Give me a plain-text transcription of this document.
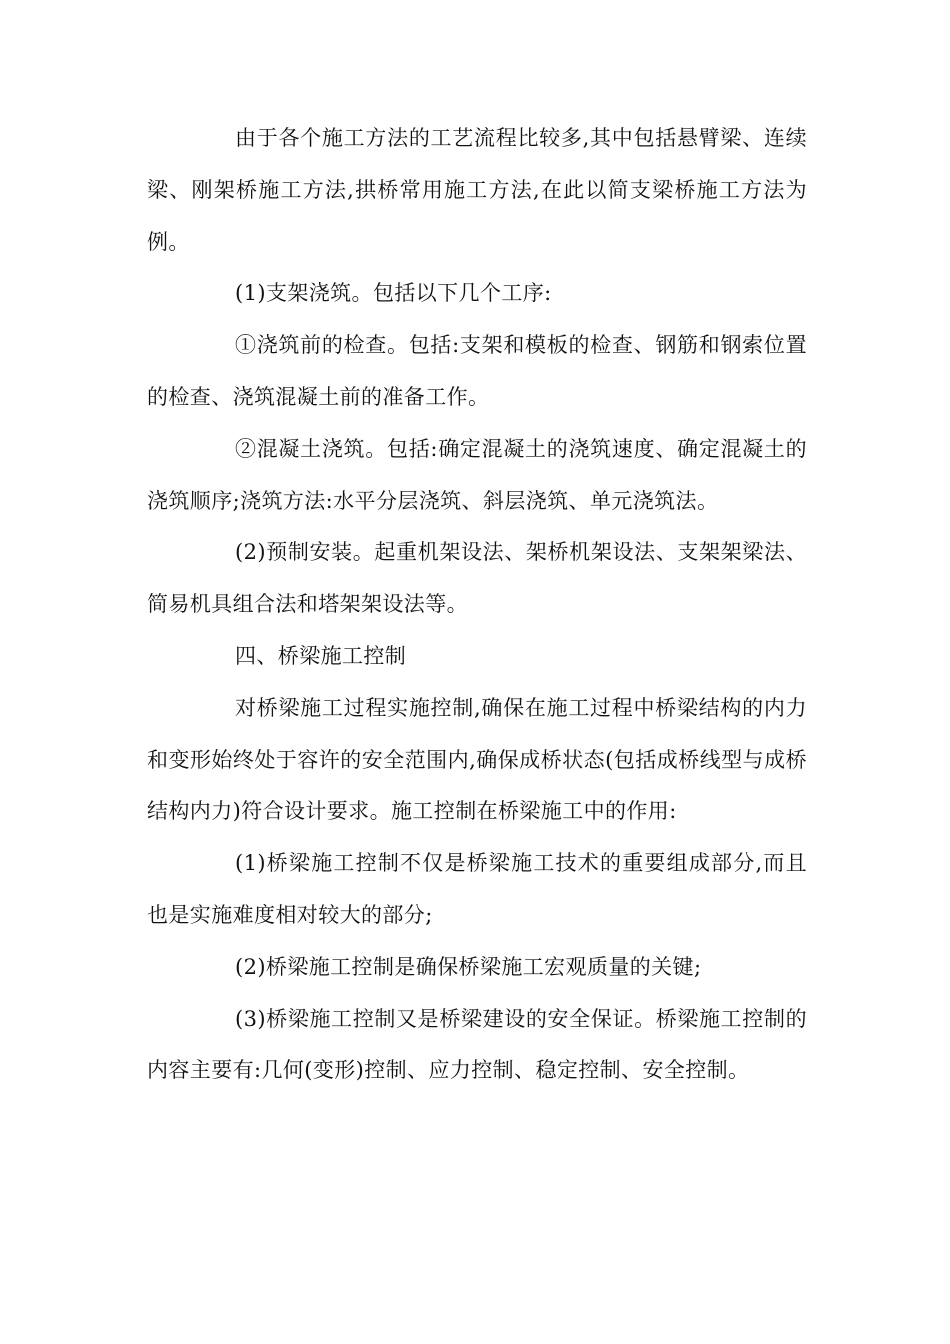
由于各个施工方法的工艺流程比较多,其中包括悬臂梁、连续梁、刚架桥施工方法,拱桥常用施工方法,在此以简支梁桥施工方法为例。

(1)支架浇筑。包括以下几个工序:

①浇筑前的检查。包括:支架和模板的检查、钢筋和钢索位置的检查、浇筑混凝土前的准备工作。

②混凝土浇筑。包括:确定混凝土的浇筑速度、确定混凝土的浇筑顺序;浇筑方法:水平分层浇筑、斜层浇筑、单元浇筑法。

(2)预制安装。起重机架设法、架桥机架设法、支架架梁法、简易机具组合法和塔架架设法等。

四、桥梁施工控制

对桥梁施工过程实施控制,确保在施工过程中桥梁结构的内力和变形始终处于容许的安全范围内,确保成桥状态(包括成桥线型与成桥结构内力)符合设计要求。施工控制在桥梁施工中的作用:

(1)桥梁施工控制不仅是桥梁施工技术的重要组成部分,而且也是实施难度相对较大的部分;

(2)桥梁施工控制是确保桥梁施工宏观质量的关键;

(3)桥梁施工控制又是桥梁建设的安全保证。桥梁施工控制的内容主要有:几何(变形)控制、应力控制、稳定控制、安全控制。
